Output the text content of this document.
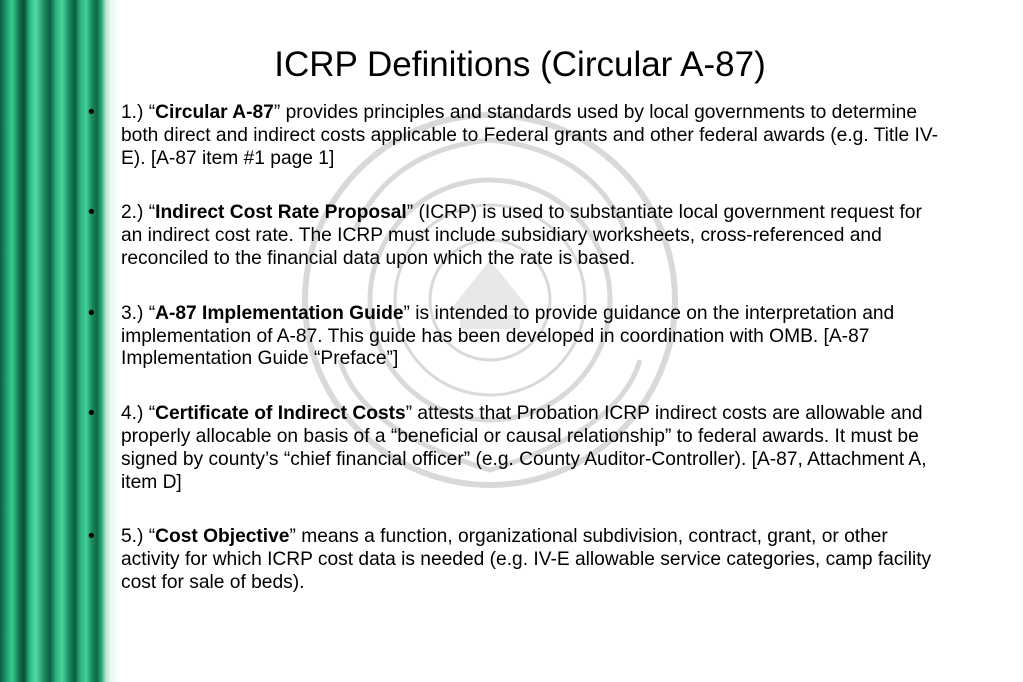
ICRP Definitions (Circular A-87)
•	1.) “Circular A-87” provides principles and standards used by local governments to determine both direct and indirect costs applicable to Federal grants and other federal awards (e.g. Title IV-E). [A-87 item #1 page 1]
•	2.) “Indirect Cost Rate Proposal” (ICRP) is used to substantiate local government request for an indirect cost rate. The ICRP must include subsidiary worksheets, cross-referenced and reconciled to the financial data upon which the rate is based.
•	3.) “A-87 Implementation Guide” is intended to provide guidance on the interpretation and implementation of A-87. This guide has been developed in coordination with OMB. [A-87 Implementation Guide “Preface”]
•	4.) “Certificate of Indirect Costs” attests that Probation ICRP indirect costs are allowable and properly allocable on basis of a “beneficial or causal relationship” to federal awards. It must be signed by county’s “chief financial officer” (e.g. County Auditor-Controller). [A-87, Attachment A, item D]
•	5.) “Cost Objective” means a function, organizational subdivision, contract, grant, or other activity for which ICRP cost data is needed (e.g. IV-E allowable service categories, camp facility cost for sale of beds).
